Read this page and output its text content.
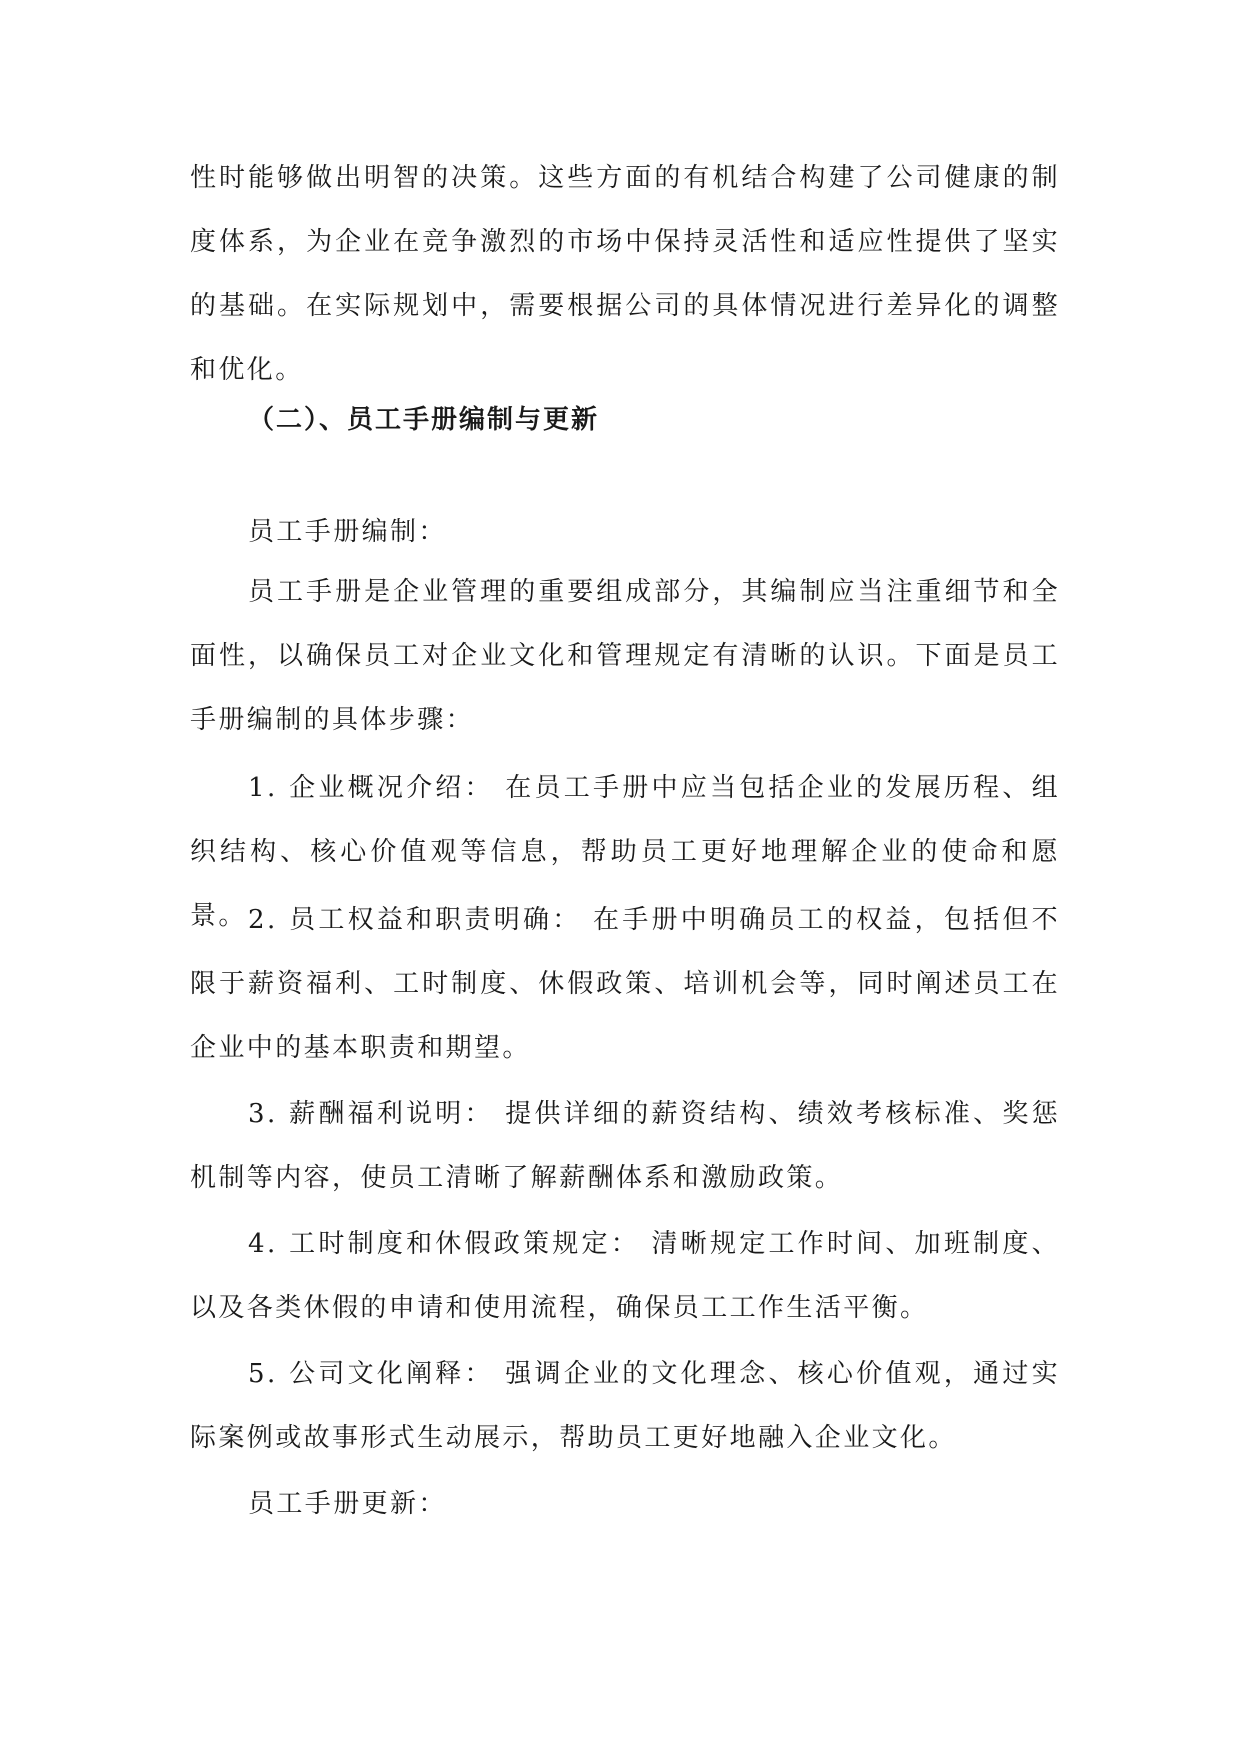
性时能够做出明智的决策。这些方面的有机结合构建了公司健康的制度体系，为企业在竞争激烈的市场中保持灵活性和适应性提供了坚实的基础。在实际规划中，需要根据公司的具体情况进行差异化的调整和优化。

（二）、员工手册编制与更新

员工手册编制：

员工手册是企业管理的重要组成部分，其编制应当注重细节和全面性，以确保员工对企业文化和管理规定有清晰的认识。下面是员工手册编制的具体步骤：

1. 企业概况介绍： 在员工手册中应当包括企业的发展历程、组织结构、核心价值观等信息，帮助员工更好地理解企业的使命和愿景。 2. 员工权益和职责明确： 在手册中明确员工的权益，包括但不限于薪资福利、工时制度、休假政策、培训机会等，同时阐述员工在企业中的基本职责和期望。

3. 薪酬福利说明： 提供详细的薪资结构、绩效考核标准、奖惩机制等内容，使员工清晰了解薪酬体系和激励政策。

4. 工时制度和休假政策规定： 清晰规定工作时间、加班制度、以及各类休假的申请和使用流程，确保员工工作生活平衡。

5. 公司文化阐释： 强调企业的文化理念、核心价值观，通过实际案例或故事形式生动展示，帮助员工更好地融入企业文化。

员工手册更新：
